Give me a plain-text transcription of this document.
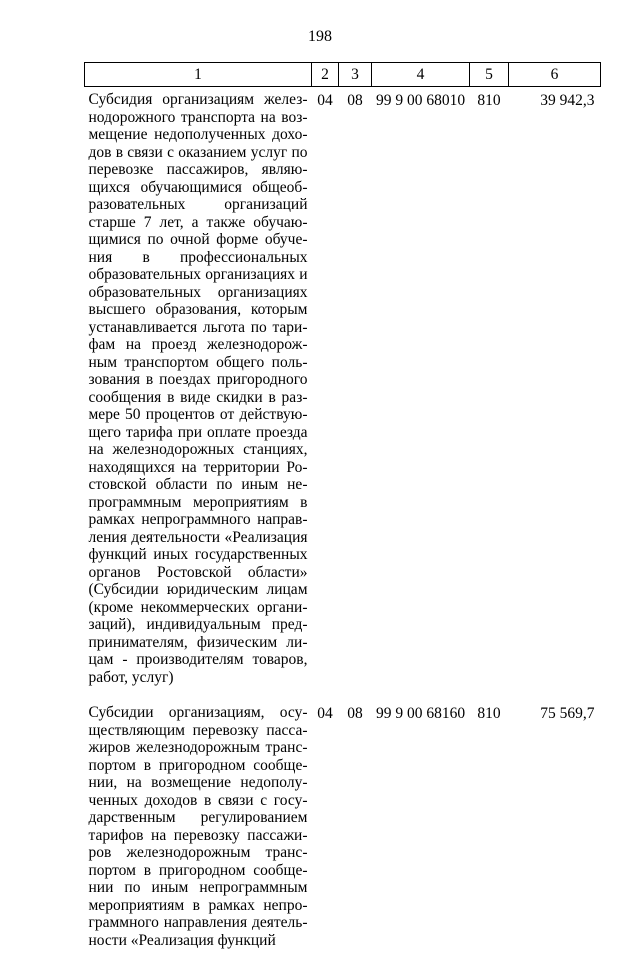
198
1	2	3	4	5	6
Субсидия организациям железнодорожного транспорта на возмещение недополученных доходов в связи с оказанием услуг по перевозке пассажиров, являющихся обучающимися общеобразовательных организаций старше 7 лет, а также обучающимися по очной форме обучения в профессиональных образовательных организациях и образовательных организациях высшего образования, которым устанавливается льгота по тарифам на проезд железнодорожным транспортом общего пользования в поездах пригородного сообщения в виде скидки в размере 50 процентов от действующего тарифа при оплате проезда на железнодорожных станциях, находящихся на территории Ростовской области по иным непрограммным мероприятиям в рамках непрограммного направления деятельности «Реализация функций иных государственных органов Ростовской области» (Субсидии юридическим лицам (кроме некоммерческих организаций), индивидуальным предпринимателям, физическим лицам - производителям товаров, работ, услуг)	04	08	99 9 00 68010	810	39 942,3
Субсидии организациям, осуществляющим перевозку пассажиров железнодорожным транспортом в пригородном сообщении, на возмещение недополученных доходов в связи с государственным регулированием тарифов на перевозку пассажиров железнодорожным транспортом в пригородном сообщении по иным непрограммным мероприятиям в рамках непрограммного направления деятельности «Реализация функций	04	08	99 9 00 68160	810	75 569,7
